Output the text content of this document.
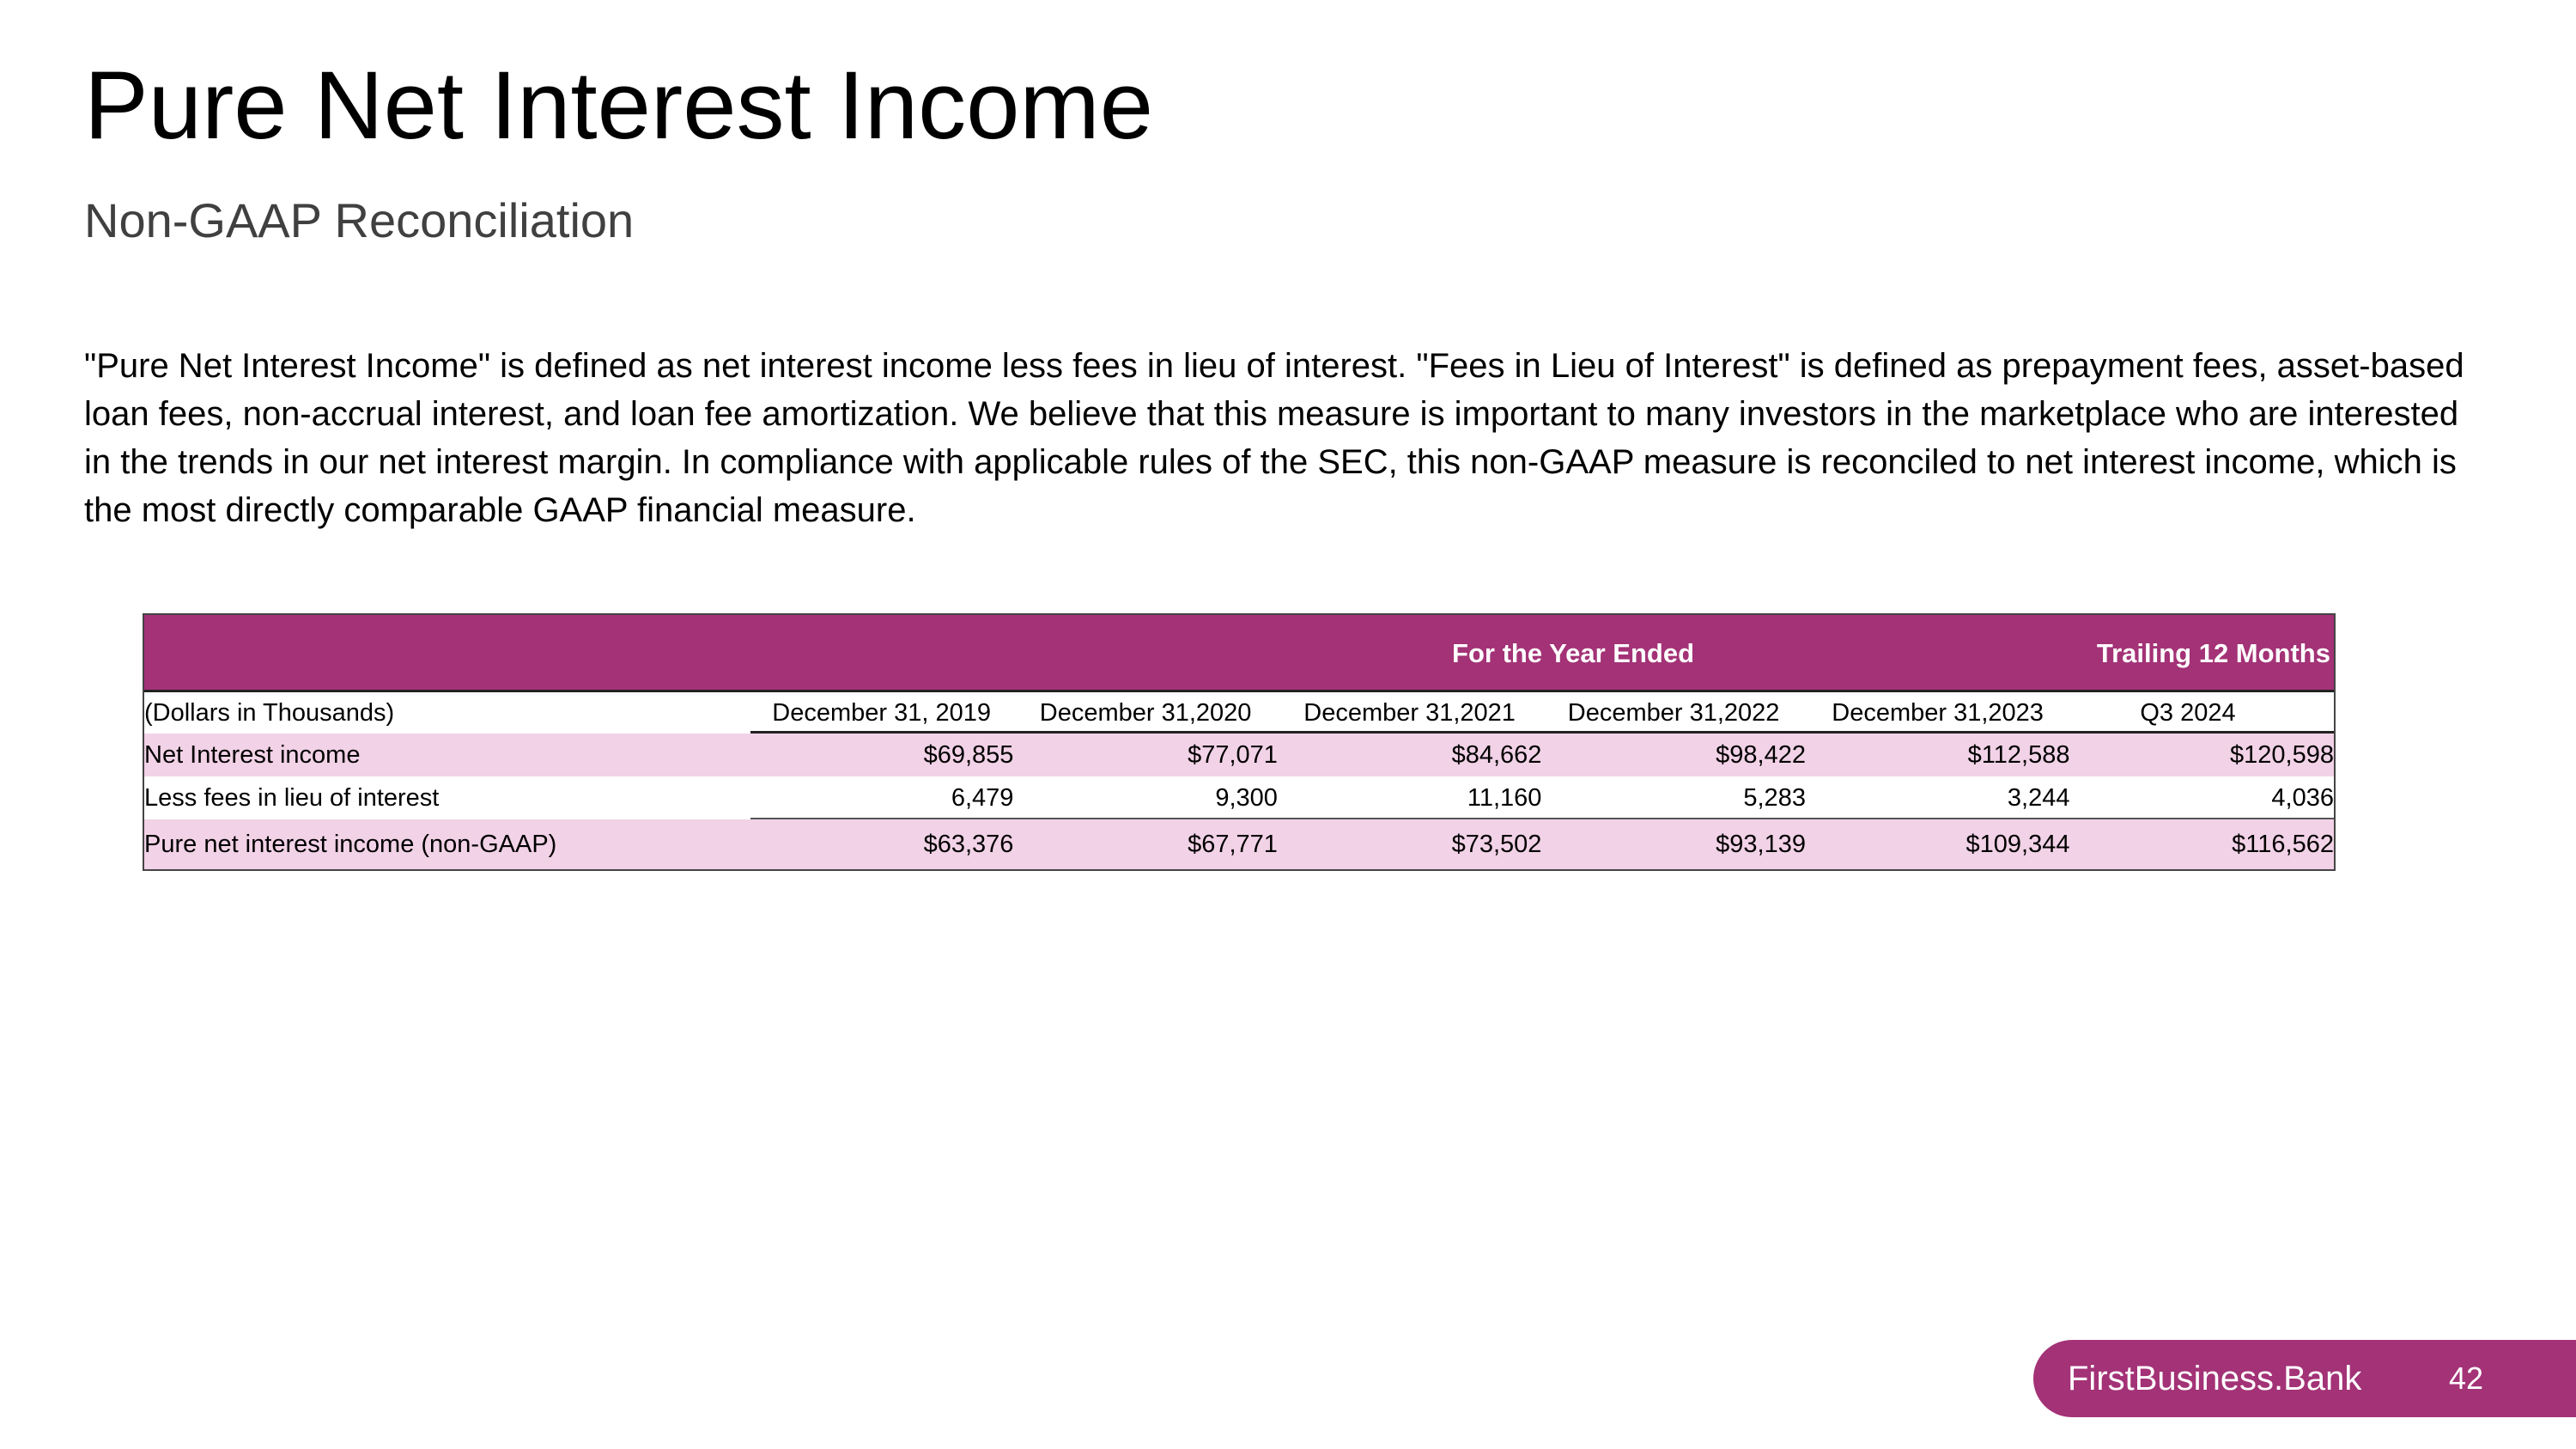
Pure Net Interest Income
Non-GAAP Reconciliation

"Pure Net Interest Income" is defined as net interest income less fees in lieu of interest. "Fees in Lieu of Interest" is defined as prepayment fees, asset-based loan fees, non-accrual interest, and loan fee amortization. We believe that this measure is important to many investors in the marketplace who are interested in the trends in our net interest margin. In compliance with applicable rules of the SEC, this non-GAAP measure is reconciled to net interest income, which is the most directly comparable GAAP financial measure.

For the Year Ended	Trailing 12 Months
(Dollars in Thousands)	December 31, 2019	December 31,2020	December 31,2021	December 31,2022	December 31,2023	Q3 2024
Net Interest income	$69,855	$77,071	$84,662	$98,422	$112,588	$120,598
Less fees in lieu of interest	6,479	9,300	11,160	5,283	3,244	4,036
Pure net interest income (non-GAAP)	$63,376	$67,771	$73,502	$93,139	$109,344	$116,562
FirstBusiness.Bank	42
